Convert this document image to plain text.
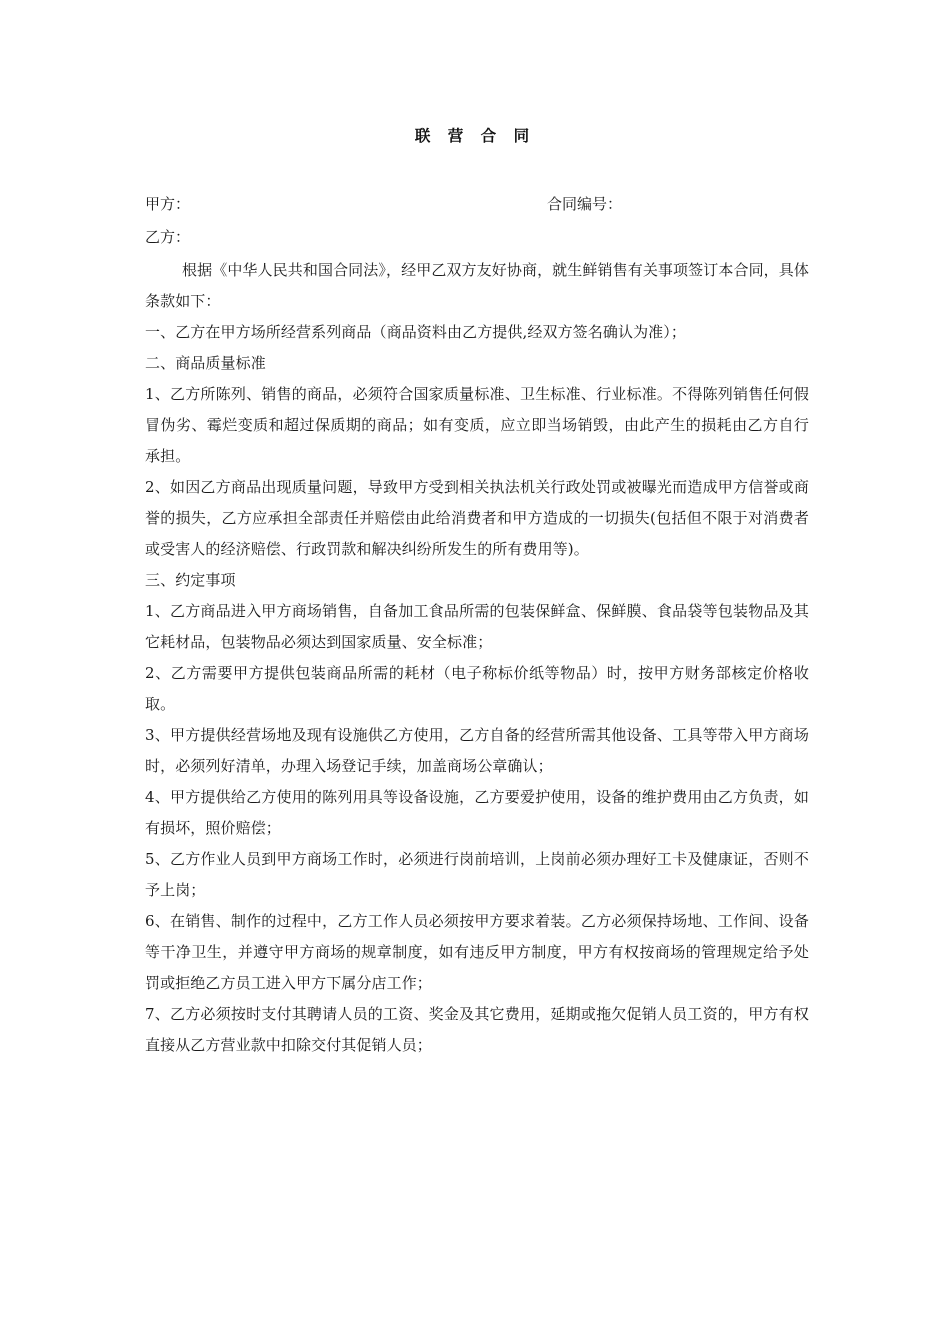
联 营 合 同
甲方：	合同编号：
乙方：

根据《中华人民共和国合同法》，经甲乙双方友好协商，就生鲜销售有关事项签订本合同，具体条款如下：

一、乙方在甲方场所经营系列商品（商品资料由乙方提供,经双方签名确认为准）；

二、商品质量标准

1、乙方所陈列、销售的商品，必须符合国家质量标准、卫生标准、行业标准。不得陈列销售任何假冒伪劣、霉烂变质和超过保质期的商品；如有变质，应立即当场销毁，由此产生的损耗由乙方自行承担。

2、如因乙方商品出现质量问题，导致甲方受到相关执法机关行政处罚或被曝光而造成甲方信誉或商誉的损失，乙方应承担全部责任并赔偿由此给消费者和甲方造成的一切损失(包括但不限于对消费者或受害人的经济赔偿、行政罚款和解决纠纷所发生的所有费用等)。

三、约定事项

1、乙方商品进入甲方商场销售，自备加工食品所需的包装保鲜盒、保鲜膜、食品袋等包装物品及其它耗材品，包装物品必须达到国家质量、安全标准；

2、乙方需要甲方提供包装商品所需的耗材（电子称标价纸等物品）时，按甲方财务部核定价格收取。

3、甲方提供经营场地及现有设施供乙方使用，乙方自备的经营所需其他设备、工具等带入甲方商场时，必须列好清单，办理入场登记手续，加盖商场公章确认；

4、甲方提供给乙方使用的陈列用具等设备设施，乙方要爱护使用，设备的维护费用由乙方负责，如有损坏，照价赔偿；

5、乙方作业人员到甲方商场工作时，必须进行岗前培训，上岗前必须办理好工卡及健康证，否则不予上岗；

6、在销售、制作的过程中，乙方工作人员必须按甲方要求着装。乙方必须保持场地、工作间、设备等干净卫生，并遵守甲方商场的规章制度，如有违反甲方制度，甲方有权按商场的管理规定给予处罚或拒绝乙方员工进入甲方下属分店工作；

7、乙方必须按时支付其聘请人员的工资、奖金及其它费用，延期或拖欠促销人员工资的，甲方有权直接从乙方营业款中扣除交付其促销人员；
